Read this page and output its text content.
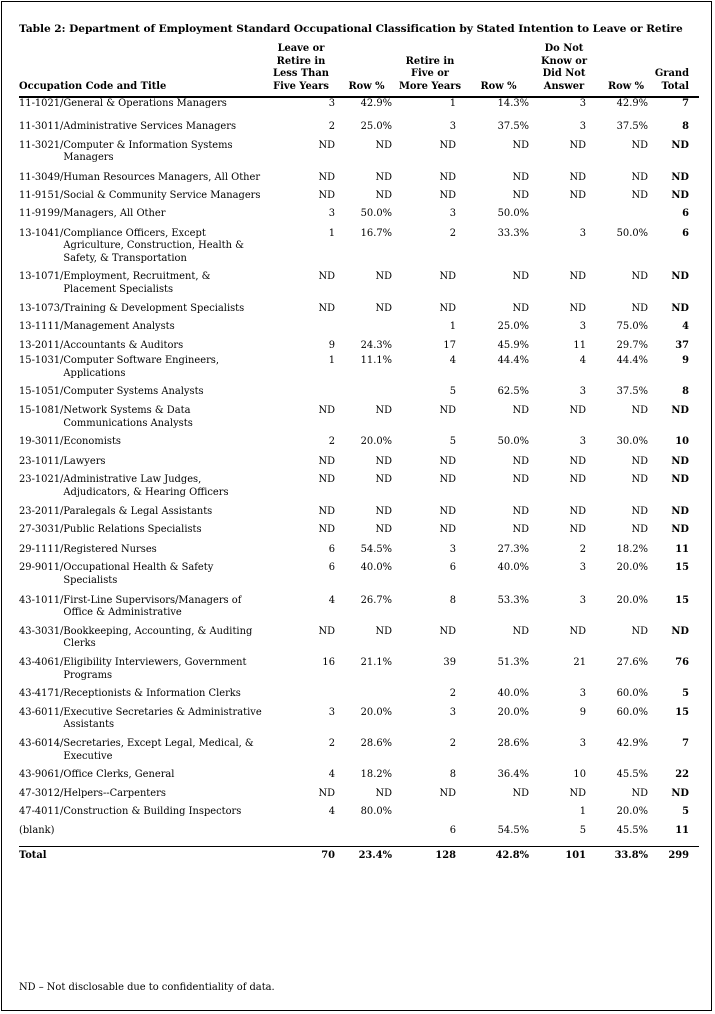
Table 2: Department of Employment Standard Occupational Classification by Stated Intention to Leave or Retire
Occupation Code and Title	Leave or
Retire in
Less Than
Five Years	Row %	Retire in
Five or
More Years	Row %	Do Not
Know or
Did Not
Answer	Row %	Grand
Total

11-1021/ General & Operations Managers	3	42.9%	1	14.3%	3	42.9%	7

11-3011/ Administrative Services Managers	2	25.0%	3	37.5%	3	37.5%	8

11-3021/ Computer & Information Systems Managers	ND	ND	ND	ND	ND	ND	ND

11-3049/ Human Resources Managers, All Other	ND	ND	ND	ND	ND	ND	ND

11-9151/ Social & Community Service Managers	ND	ND	ND	ND	ND	ND	ND

11-9199/ Managers, All Other	3	50.0%	3	50.0%			6

13-1041/ Compliance Officers, Except Agriculture, Construction, Health & Safety, & Transportation	1	16.7%	2	33.3%	3	50.0%	6

13-1071/ Employment, Recruitment, & Placement Specialists	ND	ND	ND	ND	ND	ND	ND

13-1073/ Training & Development Specialists	ND	ND	ND	ND	ND	ND	ND

13-1111/ Management Analysts			1	25.0%	3	75.0%	4

13-2011/ Accountants & Auditors	9	24.3%	17	45.9%	11	29.7%	37

15-1031/ Computer Software Engineers, Applications	1	11.1%	4	44.4%	4	44.4%	9

15-1051/ Computer Systems Analysts			5	62.5%	3	37.5%	8

15-1081/ Network Systems & Data Communications Analysts	ND	ND	ND	ND	ND	ND	ND

19-3011/ Economists	2	20.0%	5	50.0%	3	30.0%	10

23-1011/ Lawyers	ND	ND	ND	ND	ND	ND	ND

23-1021/ Administrative Law Judges, Adjudicators, & Hearing Officers	ND	ND	ND	ND	ND	ND	ND

23-2011/ Paralegals & Legal Assistants	ND	ND	ND	ND	ND	ND	ND

27-3031/ Public Relations Specialists	ND	ND	ND	ND	ND	ND	ND

29-1111/ Registered Nurses	6	54.5%	3	27.3%	2	18.2%	11

29-9011/ Occupational Health & Safety Specialists	6	40.0%	6	40.0%	3	20.0%	15

43-1011/ First-Line Supervisors/Managers of Office & Administrative	4	26.7%	8	53.3%	3	20.0%	15

43-3031/ Bookkeeping, Accounting, & Auditing Clerks	ND	ND	ND	ND	ND	ND	ND

43-4061/ Eligibility Interviewers, Government Programs	16	21.1%	39	51.3%	21	27.6%	76

43-4171/ Receptionists & Information Clerks			2	40.0%	3	60.0%	5

43-6011/ Executive Secretaries & Administrative Assistants	3	20.0%	3	20.0%	9	60.0%	15

43-6014/ Secretaries, Except Legal, Medical, & Executive	2	28.6%	2	28.6%	3	42.9%	7

43-9061/ Office Clerks, General	4	18.2%	8	36.4%	10	45.5%	22

47-3012/ Helpers--Carpenters	ND	ND	ND	ND	ND	ND	ND

47-4011/ Construction & Building Inspectors	4	80.0%			1	20.0%	5

(blank)			6	54.5%	5	45.5%	11
Total	70	23.4%	128	42.8%	101	33.8%	299
ND – Not disclosable due to confidentiality of data.
